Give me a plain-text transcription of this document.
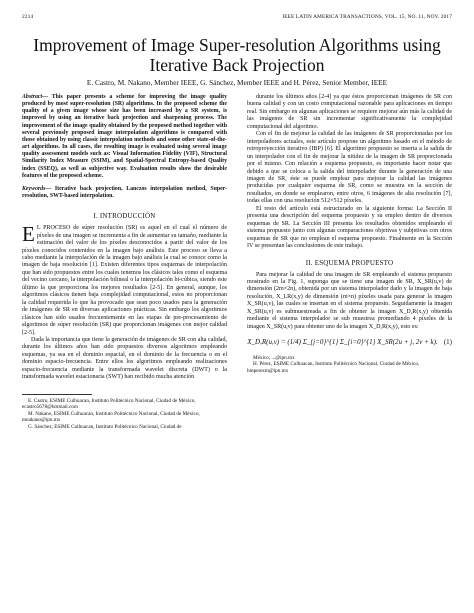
2214	IEEE LATIN AMERICA TRANSACTIONS, VOL. 15, NO. 11, NOV. 2017
Improvement of Image Super-resolution Algorithms using Iterative Back Projection
E. Castro, M. Nakano, Member IEEE, G. Sánchez, Member IEEE and H. Pérez, Senior Member, IEEE
Abstract— This paper presents a scheme for improving the image quality produced by most super-resolution (SR) algorithms. In the proposed scheme the quality of a given image whose size has been increased by a SR system, is improved by using an iterative back projection and sharpening process. The improvement of the image quality obtained by the proposed method together with several previously proposed image interpolation algorithms is compared with those obtained by using classic interpolation methods and some other state-of-the-art algorithms. In all cases, the resulting image is evaluated using several image quality assessment models such as: Visual Information Fidelity (VIF), Structural Similarity Index Measure (SSIM), and Spatial-Spectral Entropy-based Quality index (SSEQ), as well as subjective way. Evaluation results show the desirable features of the proposed scheme.
Keywords— Iterative back projection, Lanczos interpolation method, Super-resolution, SWT-based interpolation.
I. INTRODUCCIÓN

E L PROCESO de súper resolución (SR) es aquel en el cual el número de píxeles de una imagen se incrementa a fin de aumentar su tamaño, mediante la estimación del valor de los píxeles desconocidos a partir del valor de los píxeles conocidos contenidos en la imagen bajo análisis. Este proceso se lleva a cabo mediante la interpolación de la imagen bajo análisis la cual se conoce como la imagen de baja resolución [1]. Existen diferentes tipos esquemas de interpolación que han sido propuestos entre los cuales tenemos los clásicos tales como el esquema del vecino cercano, la interpolación bilineal o la interpolación bi-cúbica, siendo este último la que proporciona los mejores resultados [2-5]. En general, aunque, los algoritmos clásicos tienen baja complejidad computacional, estos no proporcionan la calidad requerida lo que ha provocado que sean poco usados para la generación de imágenes de SR en diversas aplicaciones prácticas. Sin embargo los algoritmos clásicos han sido usados frecuentemente en las etapas de pre-procesamiento de algoritmos de súper resolución (SR) que proporcionan imágenes con mejor calidad [2-5].

Dada la importancia que tiene la generación de imágenes de SR con alta calidad, durante los últimos años han sido propuestos diversos algoritmos empleando esquemas, ya sea en el dominio espacial, en el dominio de la frecuencia o en el dominio espacio-frecuencia. Entre ellos los algoritmos empleando realizaciones espacio-frecuencia mediante la transformada wavelet discreta (DWT) o la transformada wavelet estacionaria (SWT) han recibido mucha atención

E. Castro, ESIME Culhuacan, Instituto Politécnico Nacional, Ciudad de México, ecastro5678@hotmail.com
M. Nakano, ESIME Culhuacan, Instituto Politécnico Nacional, Ciudad de México, mnakano@ipn.mx
G. Sánchez, ESIME Culhuacan, Instituto Politécnico Nacional, Ciudad de

durante los últimos años [2-4] ya que éstos proporcionan imágenes de SR con buena calidad y con un costo computacional razonable para aplicaciones en tiempo real. Sin embargo en algunas aplicaciones se requiere mejorar aún más la calidad de las imágenes de SR sin incrementar significativamente la complejidad computacional del algoritmo.

Con el fin de mejorar la calidad de las imágenes de SR proporcionadas por los interpoladores actuales, este artículo propone un algoritmo basado en el método de retroproyección iterativo (IBP) [6]. El algoritmo propuesto se inserta a la salida de un interpolador con el fin de mejorar la nitidez de la imagen de SR proporcionada por el mismo. Con relación a esquema propuesto, es importante hacer notar que debido a que se coloca a la salida del interpolador durante la generación de una imagen de SR, éste se puede emplear para mejorar la calidad las imágenes producidas por cualquier esquema de SR, como se muestra en la sección de resultados, en donde se emplearon, entre otros, 6 imágenes de alta resolución [7], todas ellas con una resolución 512×512 píxeles.

El resto del artículo está estructurado en la siguiente forma: La Sección II presenta una descripción del esquema propuesto y su empleo dentro de diversos esquemas de SR. La Sección III presenta los resultados obtenidos empleando el sistema propuesto junto con algunas comparaciones objetivas y subjetivas con otros esquemas de SR que no emplean el esquema propuesto. Finalmente en la Sección IV se presentan las conclusiones de este trabajo.

II. ESQUEMA PROPUESTO

Para mejorar la calidad de una imagen de SR empleando el sistema propuesto mostrado en la Fig. 1, suponga que se tiene una imagen de SR, X_SR(u,v) de dimensión (2m×2n), obtenida por un sistema interpolador dado y la imagen de baja resolución, X_LR(x,y) de dimensión (m×n) píxeles usada para generar la imagen X_SR(u,v), las cuales se insertan en el sistema propuesto. Seguidamente la imagen X_SR(u,v) es submuestreada a fin de obtener la imagen X_D,R(x,y) obtenida mediante el sistema interpolador se sub muestrea promediando 4 píxeles de la imagen X_SR(u,v) para obtener uno de la imagen X_D,R(x,y), esto es:

X_D,R(u,v) = (1/4) Σ_{j=0}^{1} Σ_{i=0}^{1} X_SR(2u + j, 2v + k). (1)
México, ...@ipn.mx
H. Pérez, ESIME Culhuacan, Instituto Politécnico Nacional, Ciudad de México, hmperezm@ipn.mx
